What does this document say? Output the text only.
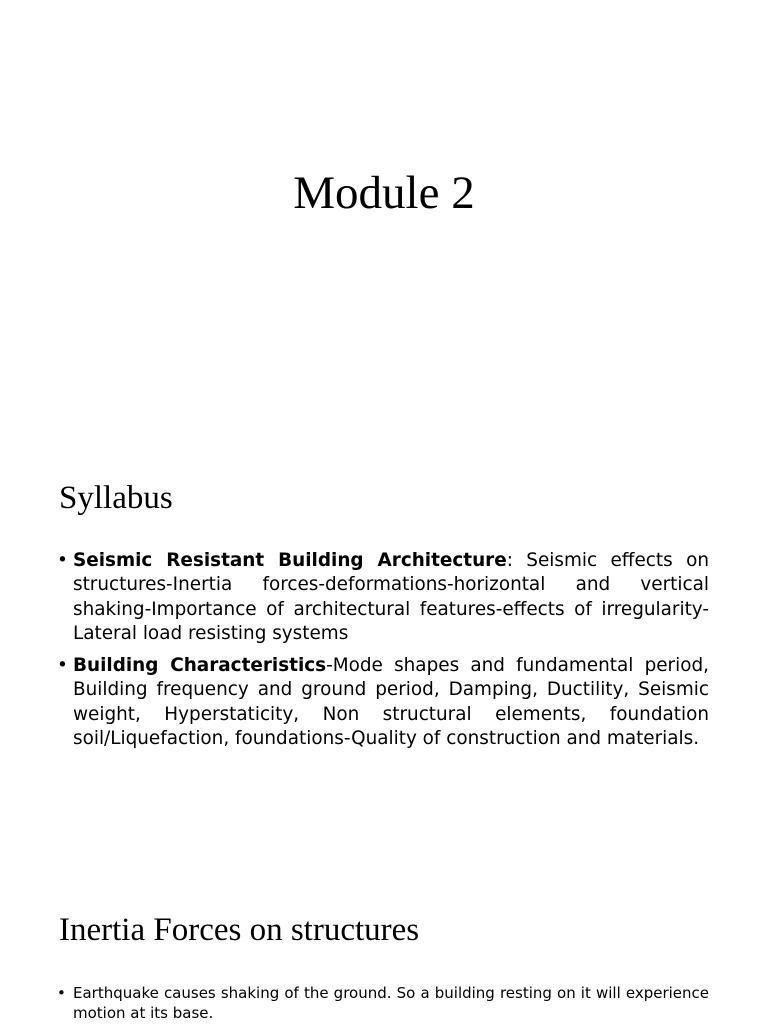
Module 2
Syllabus
• Seismic Resistant Building Architecture: Seismic effects on structures-Inertia forces-deformations-horizontal and vertical shaking-Importance of architectural features-effects of irregularity-Lateral load resisting systems
• Building Characteristics-Mode shapes and fundamental period, Building frequency and ground period, Damping, Ductility, Seismic weight, Hyperstaticity, Non structural elements, foundation soil/Liquefaction, foundations-Quality of construction and materials.
Inertia Forces on structures
• Earthquake causes shaking of the ground. So a building resting on it will experience motion at its base.
